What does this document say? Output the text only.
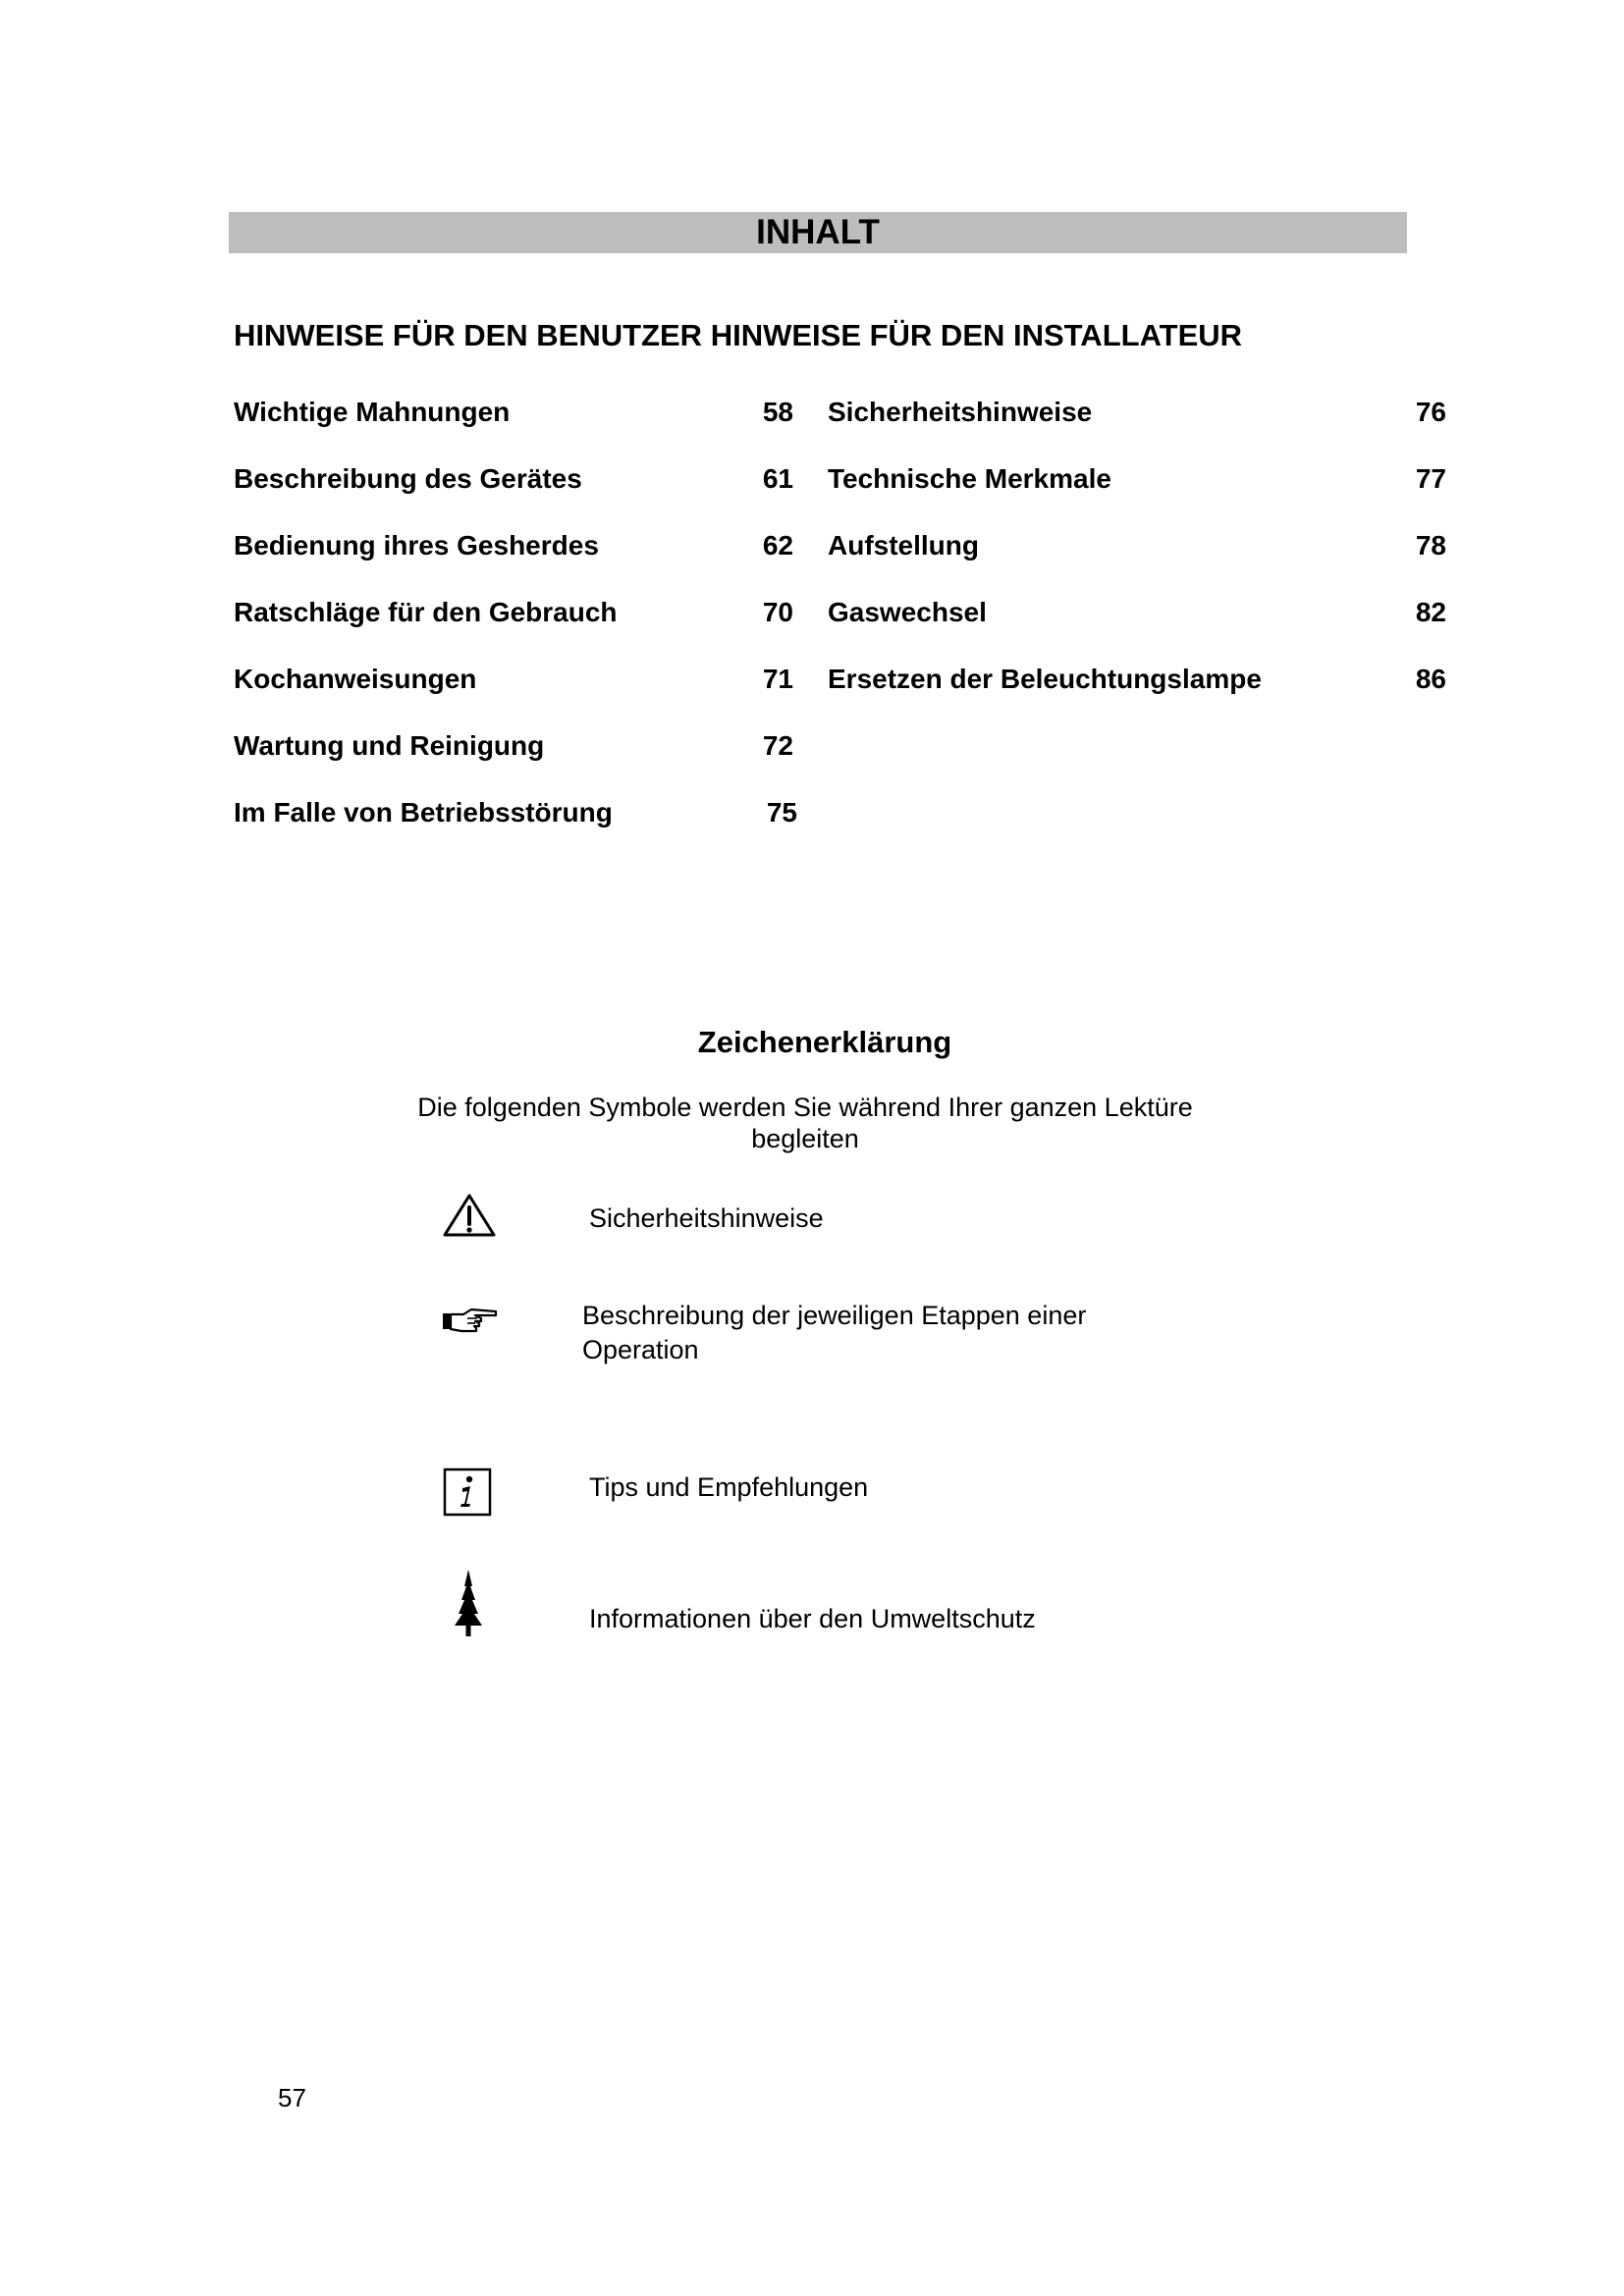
INHALT
HINWEISE FÜR DEN BENUTZER HINWEISE FÜR DEN INSTALLATEUR
Wichtige Mahnungen	58
Beschreibung des Gerätes	61
Bedienung ihres Gesherdes	62
Ratschläge für den Gebrauch	70
Kochanweisungen	71
Wartung und Reinigung	72
Im Falle von Betriebsstörung	75
Sicherheitshinweise	76
Technische Merkmale	77
Aufstellung	78
Gaswechsel	82
Ersetzen der Beleuchtungslampe	86
Zeichenerklärung
Die folgenden Symbole werden Sie während Ihrer ganzen Lektüre
begleiten
Sicherheitshinweise
Beschreibung der jeweiligen Etappen einer
Operation
Tips und Empfehlungen
Informationen über den Umweltschutz
57
